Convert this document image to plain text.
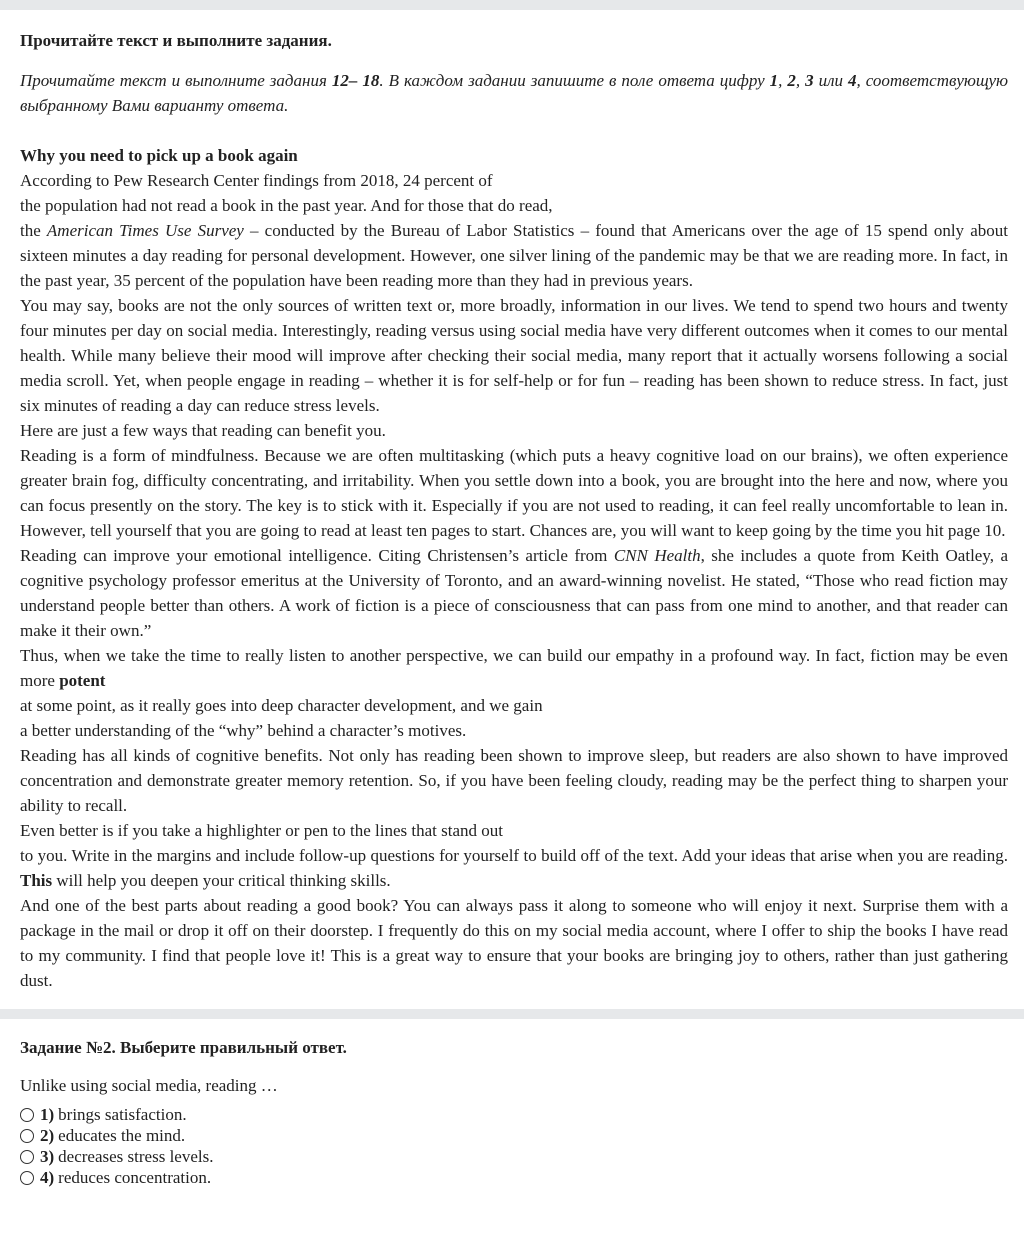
Прочитайте текст и выполните задания.

Прочитайте текст и выполните задания 12– 18. В каждом задании запишите в поле ответа цифру 1, 2, 3 или 4, соответствующую выбранному Вами варианту ответа.

Why you need to pick up a book again

According to Pew Research Center findings from 2018, 24 percent of

the population had not read a book in the past year. And for those that do read,

the American Times Use Survey – conducted by the Bureau of Labor Statistics – found that Americans over the age of 15 spend only about sixteen minutes a day reading for personal development. However, one silver lining of the pandemic may be that we are reading more. In fact, in the past year, 35 percent of the population have been reading more than they had in previous years.

You may say, books are not the only sources of written text or, more broadly, information in our lives. We tend to spend two hours and twenty four minutes per day on social media. Interestingly, reading versus using social media have very different outcomes when it comes to our mental health. While many believe their mood will improve after checking their social media, many report that it actually worsens following a social media scroll. Yet, when people engage in reading – whether it is for self-help or for fun – reading has been shown to reduce stress. In fact, just six minutes of reading a day can reduce stress levels.

Here are just a few ways that reading can benefit you.

Reading is a form of mindfulness. Because we are often multitasking (which puts a heavy cognitive load on our brains), we often experience greater brain fog, difficulty concentrating, and irritability. When you settle down into a book, you are brought into the here and now, where you can focus presently on the story. The key is to stick with it. Especially if you are not used to reading, it can feel really uncomfortable to lean in. However, tell yourself that you are going to read at least ten pages to start. Chances are, you will want to keep going by the time you hit page 10.

Reading can improve your emotional intelligence. Citing Christensen’s article from CNN Health, she includes a quote from Keith Oatley, a cognitive psychology professor emeritus at the University of Toronto, and an award-winning novelist. He stated, “Those who read fiction may understand people better than others. A work of fiction is a piece of consciousness that can pass from one mind to another, and that reader can make it their own.”

Thus, when we take the time to really listen to another perspective, we can build our empathy in a profound way. In fact, fiction may be even more potent

at some point, as it really goes into deep character development, and we gain

a better understanding of the “why” behind a character’s motives.

Reading has all kinds of cognitive benefits. Not only has reading been shown to improve sleep, but readers are also shown to have improved concentration and demonstrate greater memory retention. So, if you have been feeling cloudy, reading may be the perfect thing to sharpen your ability to recall.

Even better is if you take a highlighter or pen to the lines that stand out

to you. Write in the margins and include follow-up questions for yourself to build off of the text. Add your ideas that arise when you are reading. This will help you deepen your critical thinking skills.

And one of the best parts about reading a good book? You can always pass it along to someone who will enjoy it next. Surprise them with a package in the mail or drop it off on their doorstep. I frequently do this on my social media account, where I offer to ship the books I have read to my community. I find that people love it! This is a great way to ensure that your books are bringing joy to others, rather than just gathering dust.

Задание №2. Выберите правильный ответ.

Unlike using social media, reading …

1) brings satisfaction.
2) educates the mind.
3) decreases stress levels.
4) reduces concentration.
